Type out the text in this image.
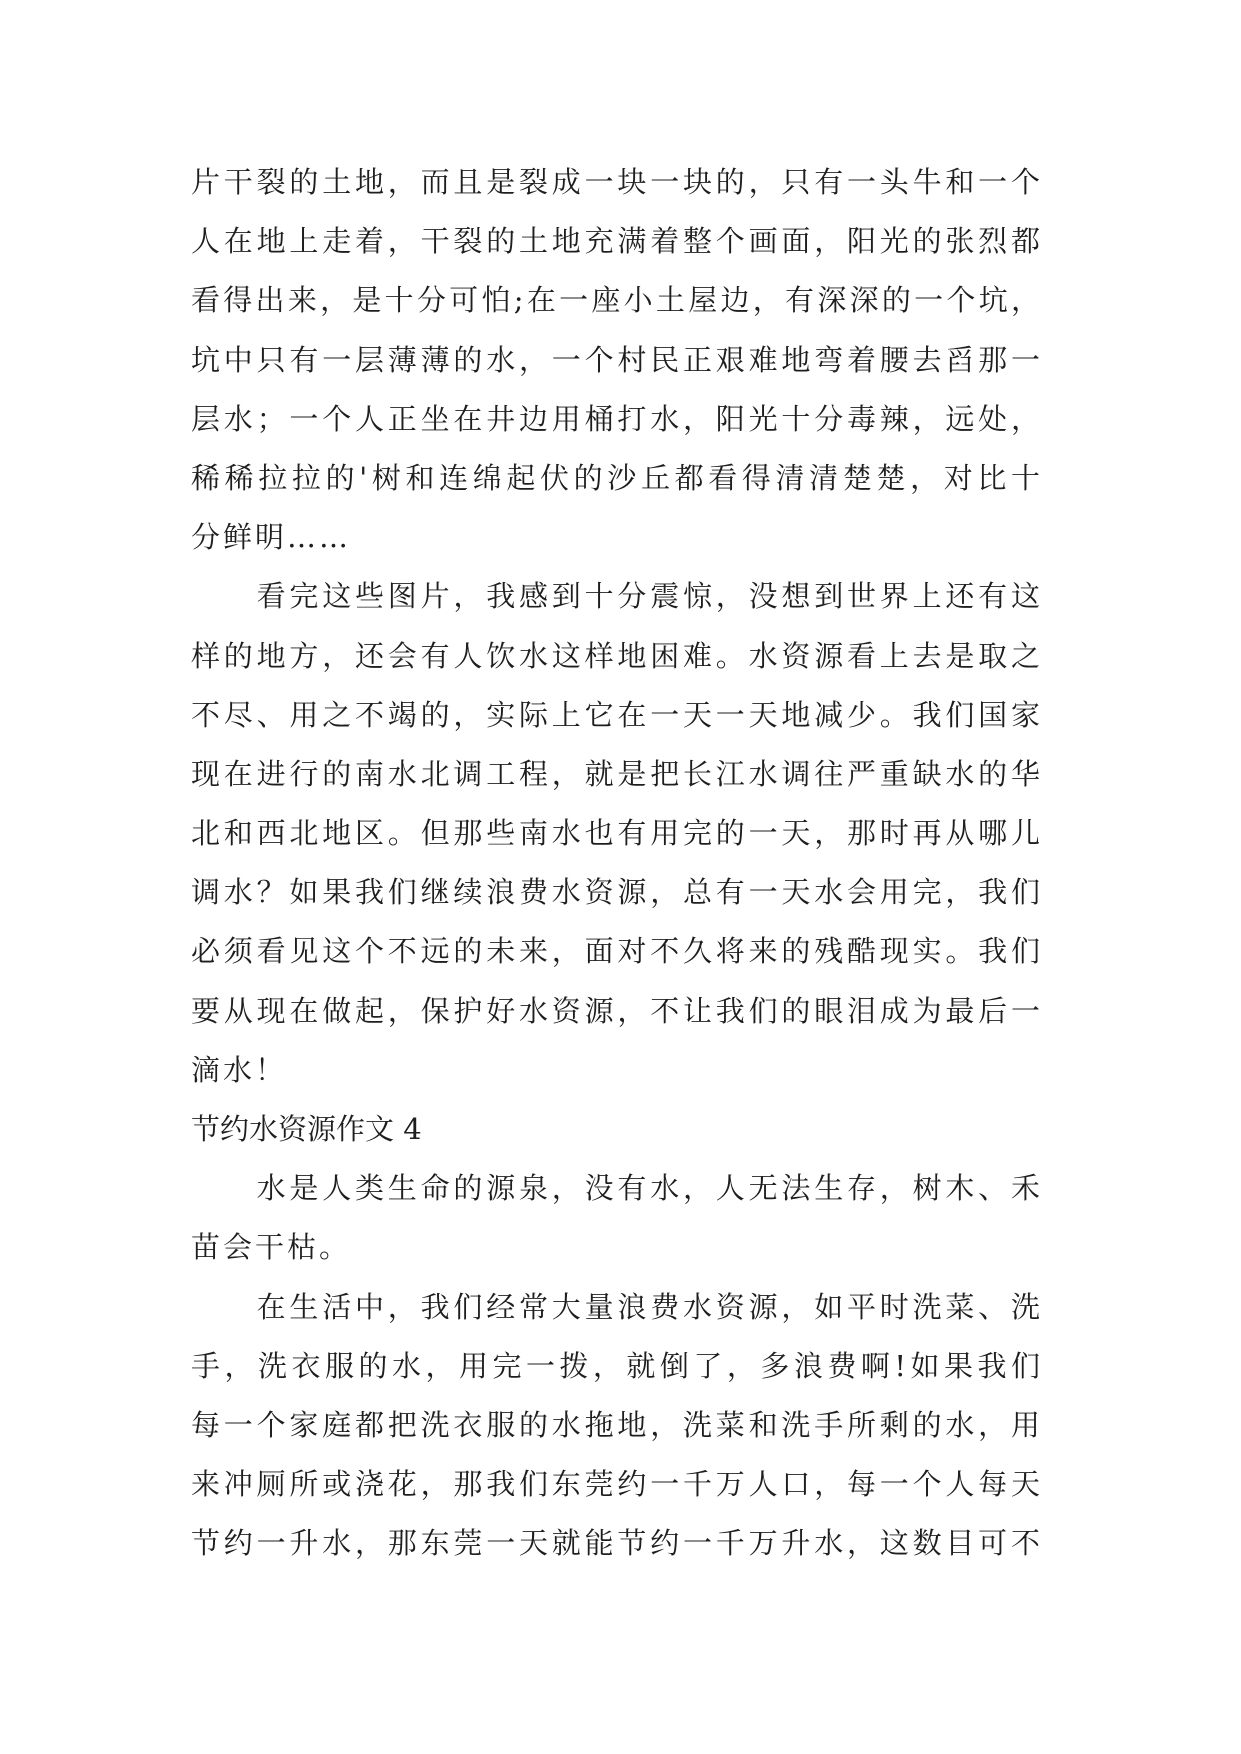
片干裂的土地，而且是裂成一块一块的，只有一头牛和一个
人在地上走着，干裂的土地充满着整个画面，阳光的张烈都
看得出来，是十分可怕;在一座小土屋边，有深深的一个坑，
坑中只有一层薄薄的水，一个村民正艰难地弯着腰去舀那一
层水；一个人正坐在井边用桶打水，阳光十分毒辣，远处，
稀稀拉拉的'树和连绵起伏的沙丘都看得清清楚楚，对比十
分鲜明……
看完这些图片，我感到十分震惊，没想到世界上还有这
样的地方，还会有人饮水这样地困难。水资源看上去是取之
不尽、用之不竭的，实际上它在一天一天地减少。我们国家
现在进行的南水北调工程，就是把长江水调往严重缺水的华
北和西北地区。但那些南水也有用完的一天，那时再从哪儿
调水？如果我们继续浪费水资源，总有一天水会用完，我们
必须看见这个不远的未来，面对不久将来的残酷现实。我们
要从现在做起，保护好水资源，不让我们的眼泪成为最后一
滴水！
节约水资源作文 4
水是人类生命的源泉，没有水，人无法生存，树木、禾
苗会干枯。
在生活中，我们经常大量浪费水资源，如平时洗菜、洗
手，洗衣服的水，用完一拨，就倒了，多浪费啊!如果我们
每一个家庭都把洗衣服的水拖地，洗菜和洗手所剩的水，用
来冲厕所或浇花，那我们东莞约一千万人口，每一个人每天
节约一升水，那东莞一天就能节约一千万升水，这数目可不
